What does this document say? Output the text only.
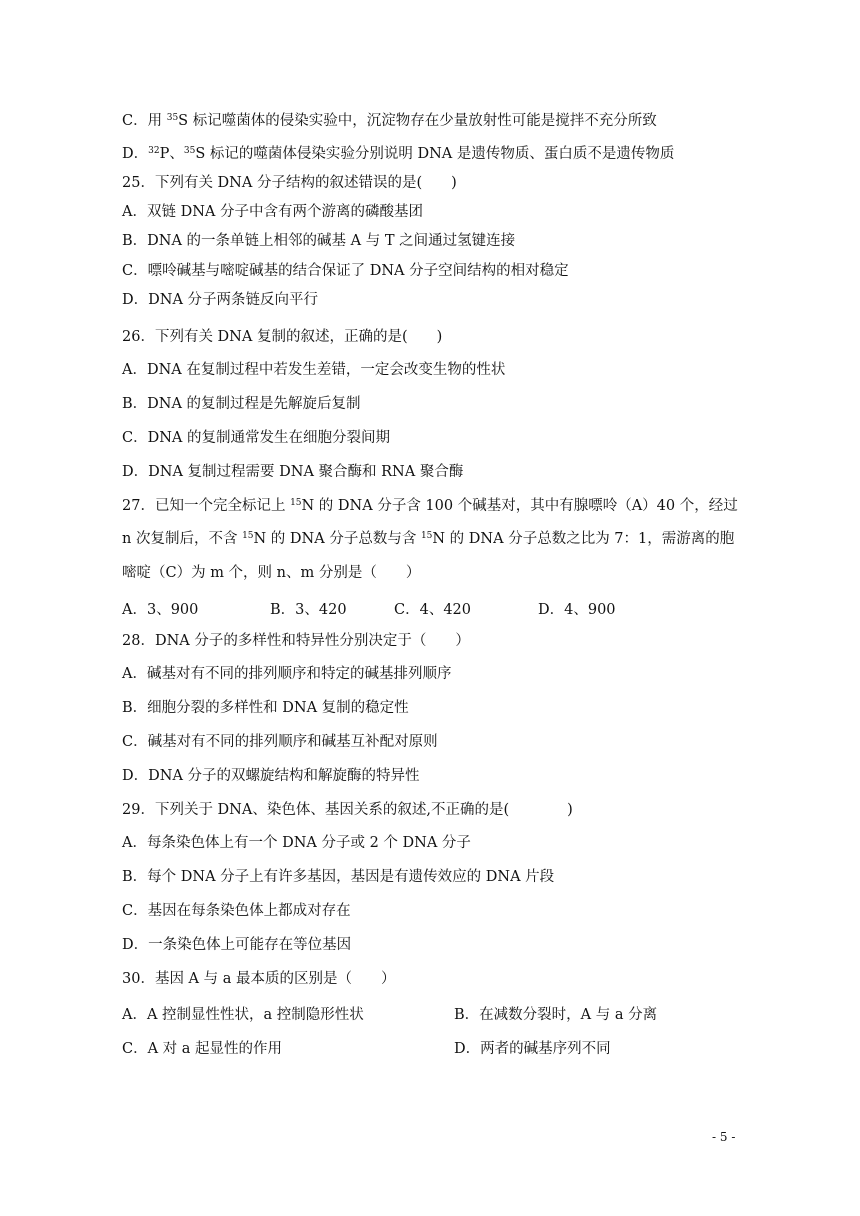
C．用 $^{35}$S 标记噬菌体的侵染实验中，沉淀物存在少量放射性可能是搅拌不充分所致
D．$^{32}$P、$^{35}$S 标记的噬菌体侵染实验分别说明 DNA 是遗传物质、蛋白质不是遗传物质
25．下列有关 DNA 分子结构的叙述错误的是(　　)
A．双链 DNA 分子中含有两个游离的磷酸基团
B．DNA 的一条单链上相邻的碱基 A 与 T 之间通过氢键连接
C．嘌呤碱基与嘧啶碱基的结合保证了 DNA 分子空间结构的相对稳定
D．DNA 分子两条链反向平行
26．下列有关 DNA 复制的叙述，正确的是(　　)
A．DNA 在复制过程中若发生差错，一定会改变生物的性状
B．DNA 的复制过程是先解旋后复制
C．DNA 的复制通常发生在细胞分裂间期
D．DNA 复制过程需要 DNA 聚合酶和 RNA 聚合酶
27．已知一个完全标记上 $^{15}$N 的 DNA 分子含 100 个碱基对，其中有腺嘌呤（A）40 个，经过
n 次复制后，不含 $^{15}$N 的 DNA 分子总数与含 $^{15}$N 的 DNA 分子总数之比为 7：1，需游离的胞
嘧啶（C）为 m 个，则 n、m 分别是（　　）
A．3、900	B．3、420	C．4、420	D．4、900
28．DNA 分子的多样性和特异性分别决定于（　　）
A．碱基对有不同的排列顺序和特定的碱基排列顺序
B．细胞分裂的多样性和 DNA 复制的稳定性
C．碱基对有不同的排列顺序和碱基互补配对原则
D．DNA 分子的双螺旋结构和解旋酶的特异性
29．下列关于 DNA、染色体、基因关系的叙述,不正确的是(　　　　)
A．每条染色体上有一个 DNA 分子或 2 个 DNA 分子
B．每个 DNA 分子上有许多基因，基因是有遗传效应的 DNA 片段
C．基因在每条染色体上都成对存在
D．一条染色体上可能存在等位基因
30．基因 A 与 a 最本质的区别是（　　）
A．A 控制显性性状，a 控制隐形性状	B．在减数分裂时，A 与 a 分离
C．A 对 a 起显性的作用	D．两者的碱基序列不同
- 5 -
